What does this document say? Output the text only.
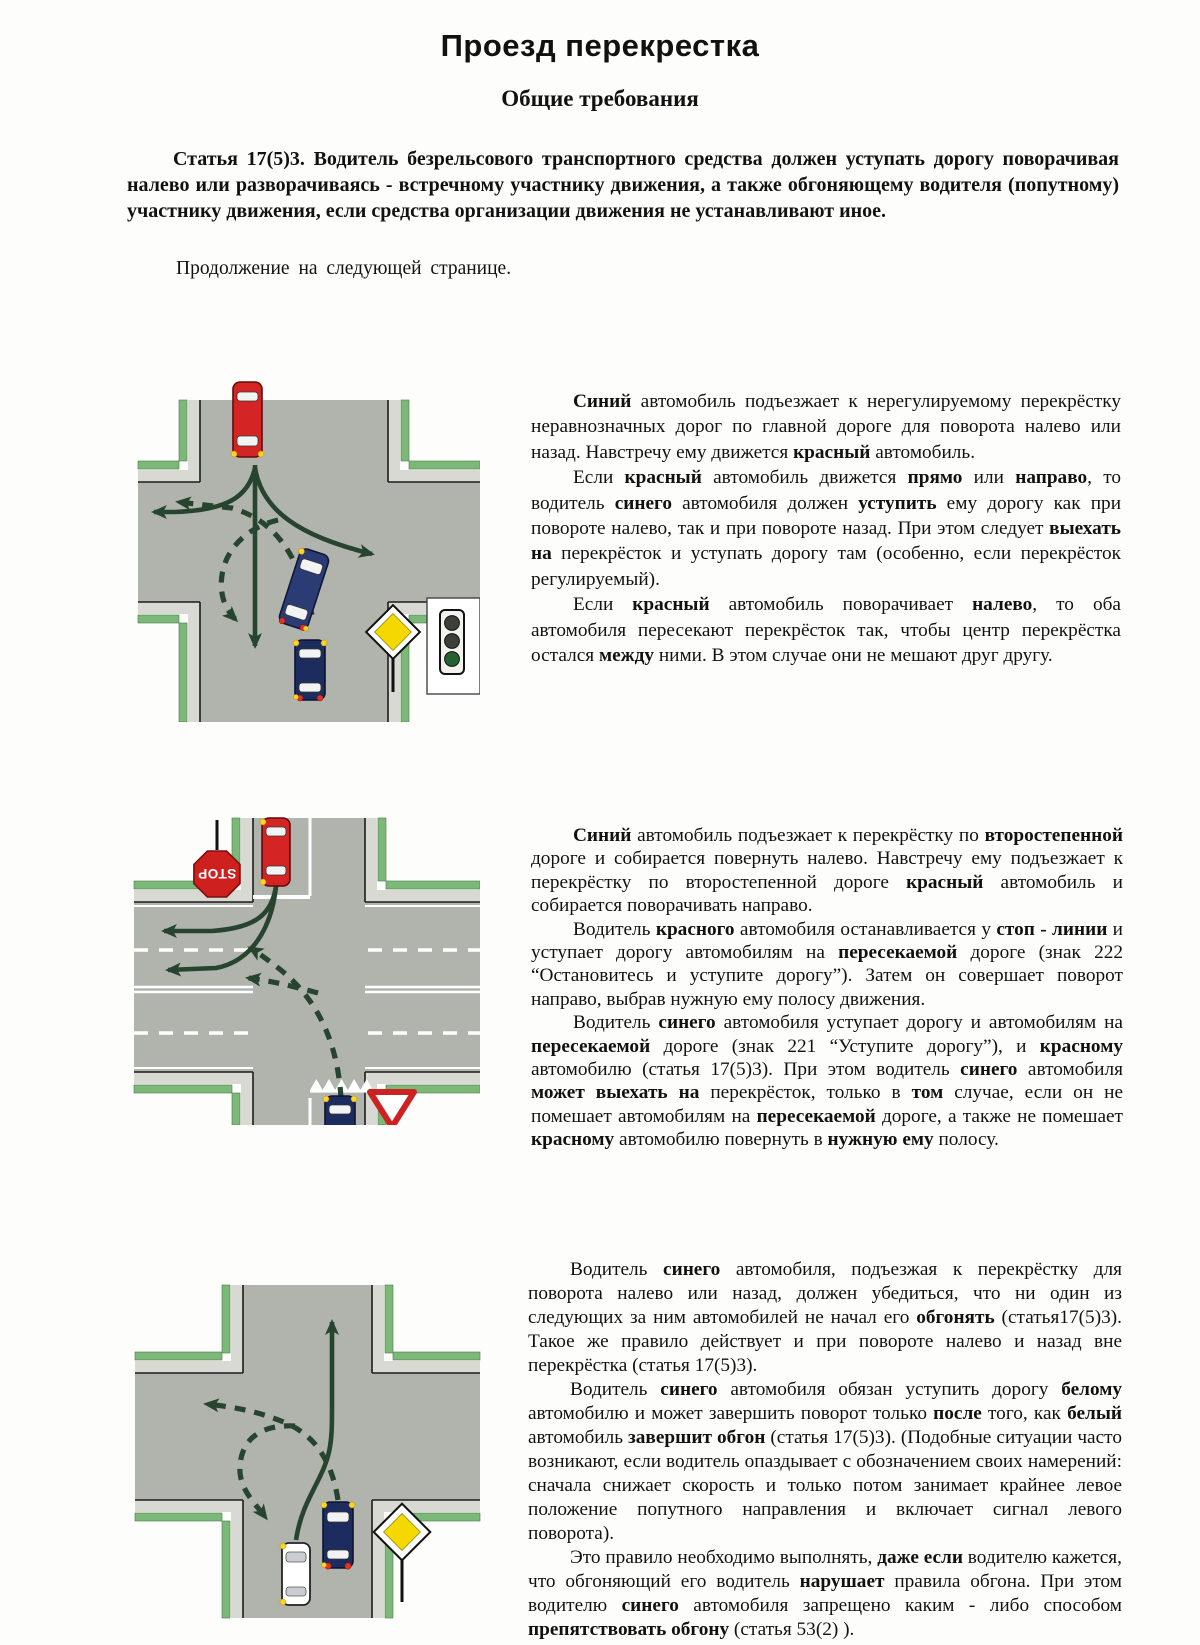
Проезд перекрестка
Общие требования

Статья 17(5)3. Водитель безрельсового транспортного средства должен уступать дорогу поворачивая налево или разворачиваясь - встречному участнику движения, а также обгоняющему водителя (попутному) участнику движения, если средства организации движения не устанавливают иное.

Продолжение на следующей странице.
STOP

Синий автомобиль подъезжает к нерегулируемому перекрёстку неравнозначных дорог по главной дороге для поворота налево или назад. Навстречу ему движется красный автомобиль.

Если красный автомобиль движется прямо или направо, то водитель синего автомобиля должен уступить ему дорогу как при повороте налево, так и при повороте назад. При этом следует выехать на перекрёсток и уступать дорогу там (особенно, если перекрёсток регулируемый).

Если красный автомобиль поворачивает налево, то оба автомобиля пересекают перекрёсток так, чтобы центр перекрёстка остался между ними. В этом случае они не мешают друг другу.

Синий автомобиль подъезжает к перекрёстку по второстепенной дороге и собирается повернуть налево. Навстречу ему подъезжает к перекрёстку по второстепенной дороге красный автомобиль и собирается поворачивать направо.

Водитель красного автомобиля останавливается у стоп - линии и уступает дорогу автомобилям на пересекаемой дороге (знак 222 “Остановитесь и уступите дорогу”). Затем он совершает поворот направо, выбрав нужную ему полосу движения.

Водитель синего автомобиля уступает дорогу и автомобилям на пересекаемой дороге (знак 221 “Уступите дорогу”), и красному автомобилю (статья 17(5)3). При этом водитель синего автомобиля может выехать на перекрёсток, только в том случае, если он не помешает автомобилям на пересекаемой дороге, а также не помешает красному автомобилю повернуть в нужную ему полосу.

Водитель синего автомобиля, подъезжая к перекрёстку для поворота налево или назад, должен убедиться, что ни один из следующих за ним автомобилей не начал его обгонять (статья17(5)3). Такое же правило действует и при повороте налево и назад вне перекрёстка (статья 17(5)3).

Водитель синего автомобиля обязан уступить дорогу белому автомобилю и может завершить поворот только после того, как белый автомобиль завершит обгон (статья 17(5)3). (Подобные ситуации часто возникают, если водитель опаздывает с обозначением своих намерений: сначала снижает скорость и только потом занимает крайнее левое положение попутного направления и включает сигнал левого поворота).

Это правило необходимо выполнять, даже если водителю кажется, что обгоняющий его водитель нарушает правила обгона. При этом водителю синего автомобиля запрещено каким - либо способом препятствовать обгону (статья 53(2) ).
